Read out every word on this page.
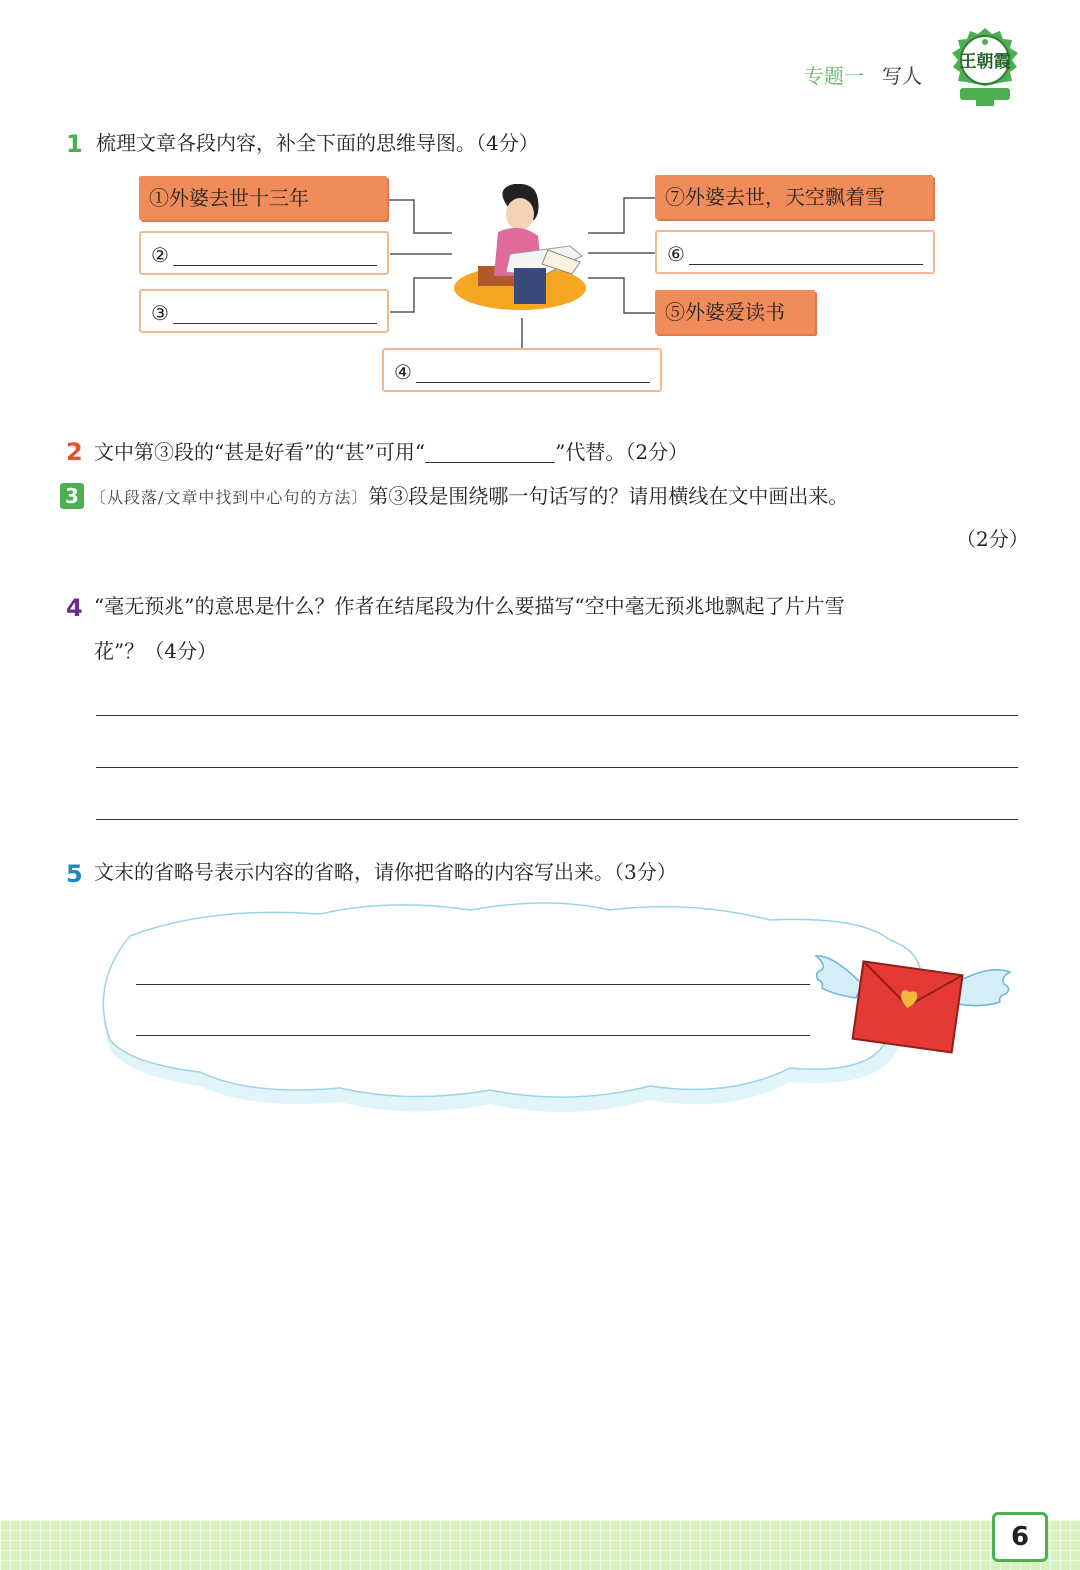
专题一 写人
王朝霞
1 梳理文章各段内容，补全下面的思维导图。（4分）
①外婆去世十三年
②
③
④
⑤外婆爱读书
⑥
⑦外婆去世，天空飘着雪
2 文中第③段的“甚是好看”的“甚”可用“	”代替。（2分）
3 〔从段落/文章中找到中心句的方法〕第③段是围绕哪一句话写的？请用横线在文中画出来。
（2分）
4 “毫无预兆”的意思是什么？作者在结尾段为什么要描写“空中毫无预兆地飘起了片片雪
花”？（4分）
5 文末的省略号表示内容的省略，请你把省略的内容写出来。（3分）
6
